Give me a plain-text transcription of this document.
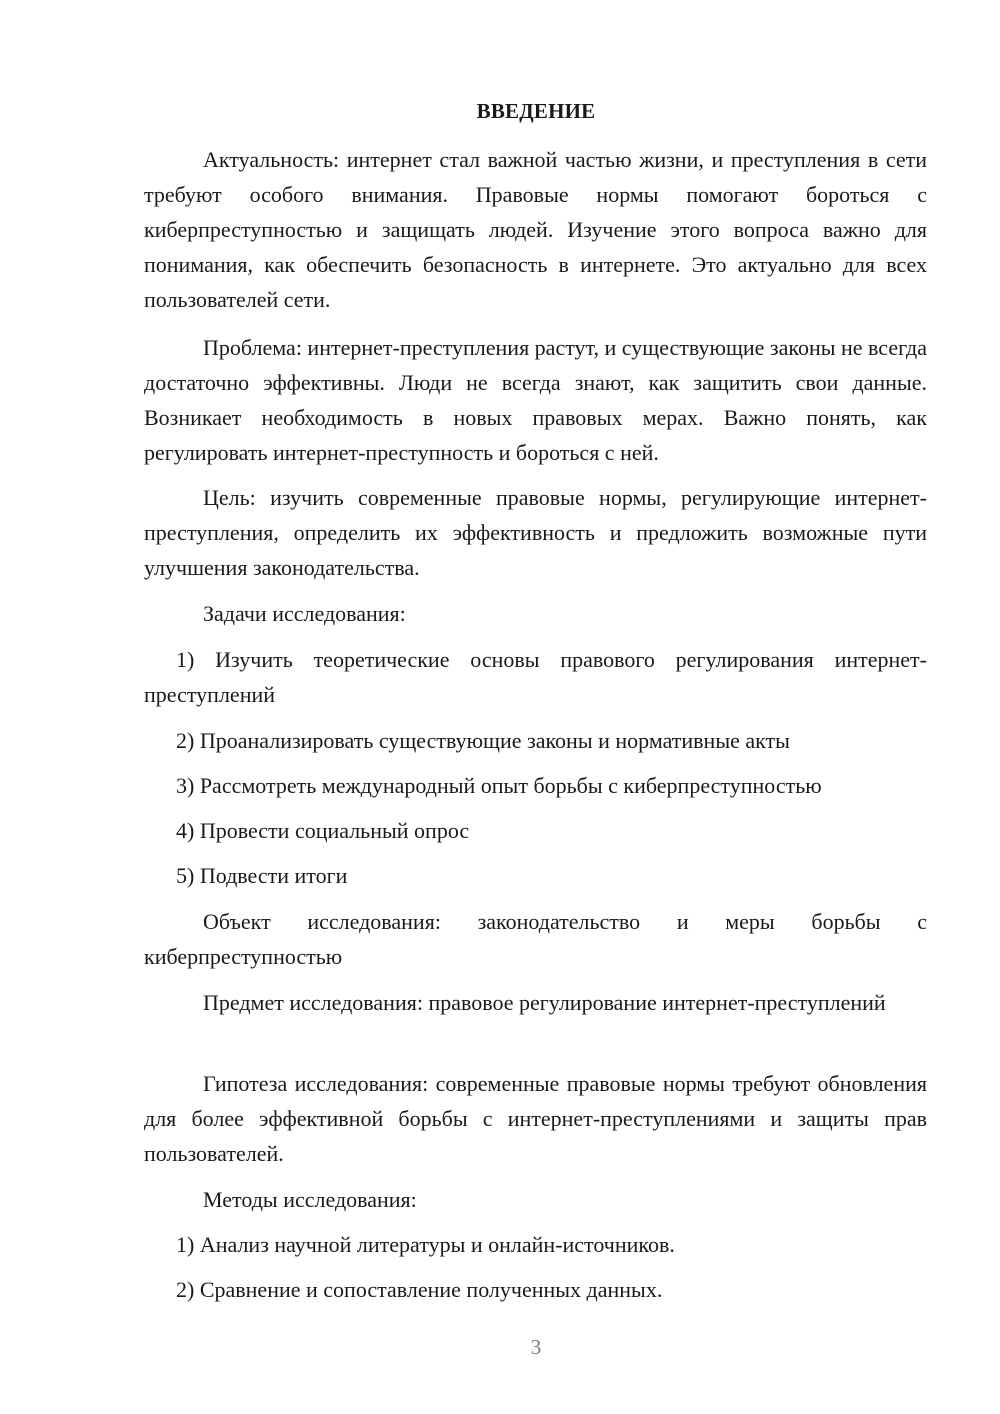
ВВЕДЕНИЕ

Актуальность: интернет стал важной частью жизни, и преступления в сети требуют особого внимания. Правовые нормы помогают бороться с киберпреступностью и защищать людей. Изучение этого вопроса важно для понимания, как обеспечить безопасность в интернете. Это актуально для всех пользователей сети.

Проблема: интернет-преступления растут, и существующие законы не всегда достаточно эффективны. Люди не всегда знают, как защитить свои данные. Возникает необходимость в новых правовых мерах. Важно понять, как регулировать интернет-преступность и бороться с ней.

Цель: изучить современные правовые нормы, регулирующие интернет-преступления, определить их эффективность и предложить возможные пути улучшения законодательства.

Задачи исследования:

1) Изучить теоретические основы правового регулирования интернет-преступлений

2) Проанализировать существующие законы и нормативные акты

3) Рассмотреть международный опыт борьбы с киберпреступностью

4) Провести социальный опрос

5) Подвести итоги

Объект исследования: законодательство и меры борьбы с киберпреступностью

Предмет исследования: правовое регулирование интернет-преступлений

Гипотеза исследования: современные правовые нормы требуют обновления для более эффективной борьбы с интернет-преступлениями и защиты прав пользователей.

Методы исследования:

1) Анализ научной литературы и онлайн-источников.

2) Сравнение и сопоставление полученных данных.

3
